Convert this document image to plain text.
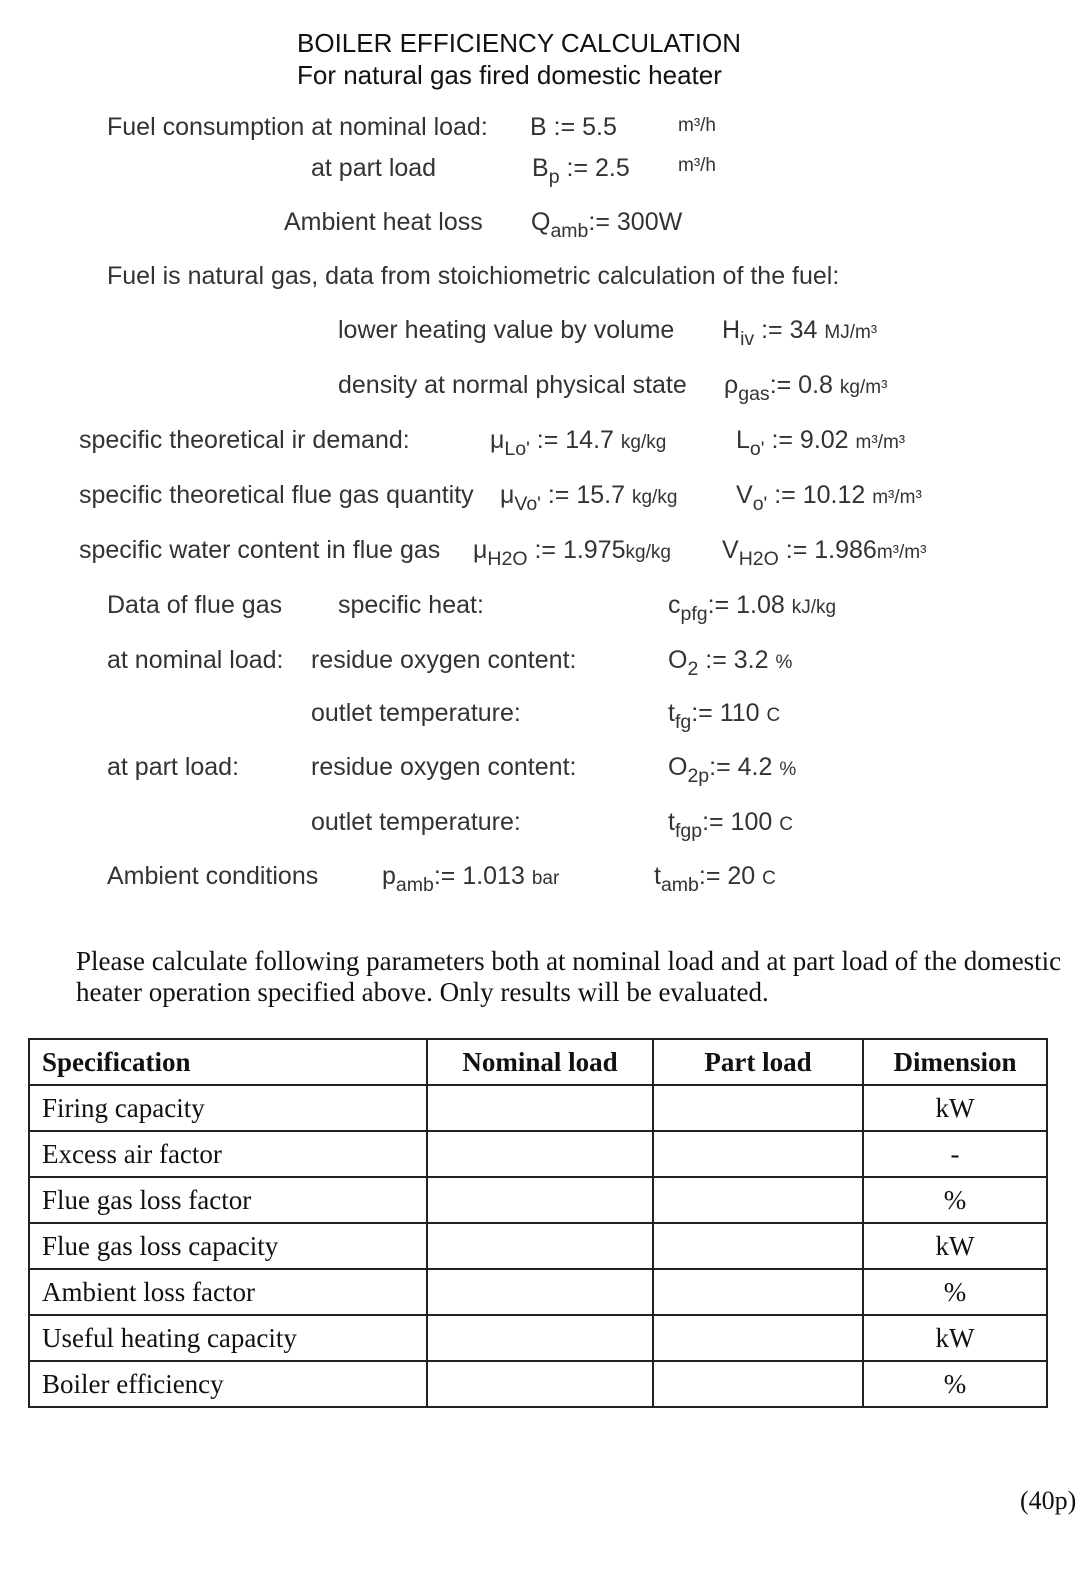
BOILER EFFICIENCY CALCULATION
For natural gas fired domestic heater
Fuel consumption at nominal load: B := 5.5	m³/h
at part load	$B_p$ := 2.5	m³/h
Ambient heat loss $Q_{amb}:= 300W$
Fuel is natural gas, data from stoichiometric calculation of the fuel:
lower heating value by volume $H_{iv}$ := 34 MJ/m³
density at normal physical state $\rho_{gas}:= 0.8$ kg/m³
specific theoretical ir demand:	$\mu_{Lo'}$ := 14.7 kg/kg	$L_{o'}$ := 9.02 m³/m³
specific theoretical flue gas quantity $\mu_{Vo'}$ := 15.7 kg/kg $V_{o'}$ := 10.12 m³/m³
specific water content in flue gas $\mu_{H2O}$ := 1.975kg/kg $V_{H2O}$ := 1.986m³/m³
Data of flue gas specific heat:	$c_{pfg}:= 1.08$ kJ/kg
at nominal load: residue oxygen content:	$O_2$ := 3.2 %
outlet temperature:	$t_{fg}:= 110$ C
at part load:	residue oxygen content:	$O_{2p}:= 4.2$ %
outlet temperature:	$t_{fgp}:= 100$ C
Ambient conditions	$p_{amb}:= 1.013$ bar	$t_{amb}:= 20$ C
Please calculate following parameters both at nominal load and at part load of the domestic
heater operation specified above. Only results will be evaluated.
Specification	Nominal load	Part load	Dimension
Firing capacity			kW
Excess air factor			-
Flue gas loss factor			%
Flue gas loss capacity			kW
Ambient loss factor			%
Useful heating capacity			kW
Boiler efficiency			%
(40p)
